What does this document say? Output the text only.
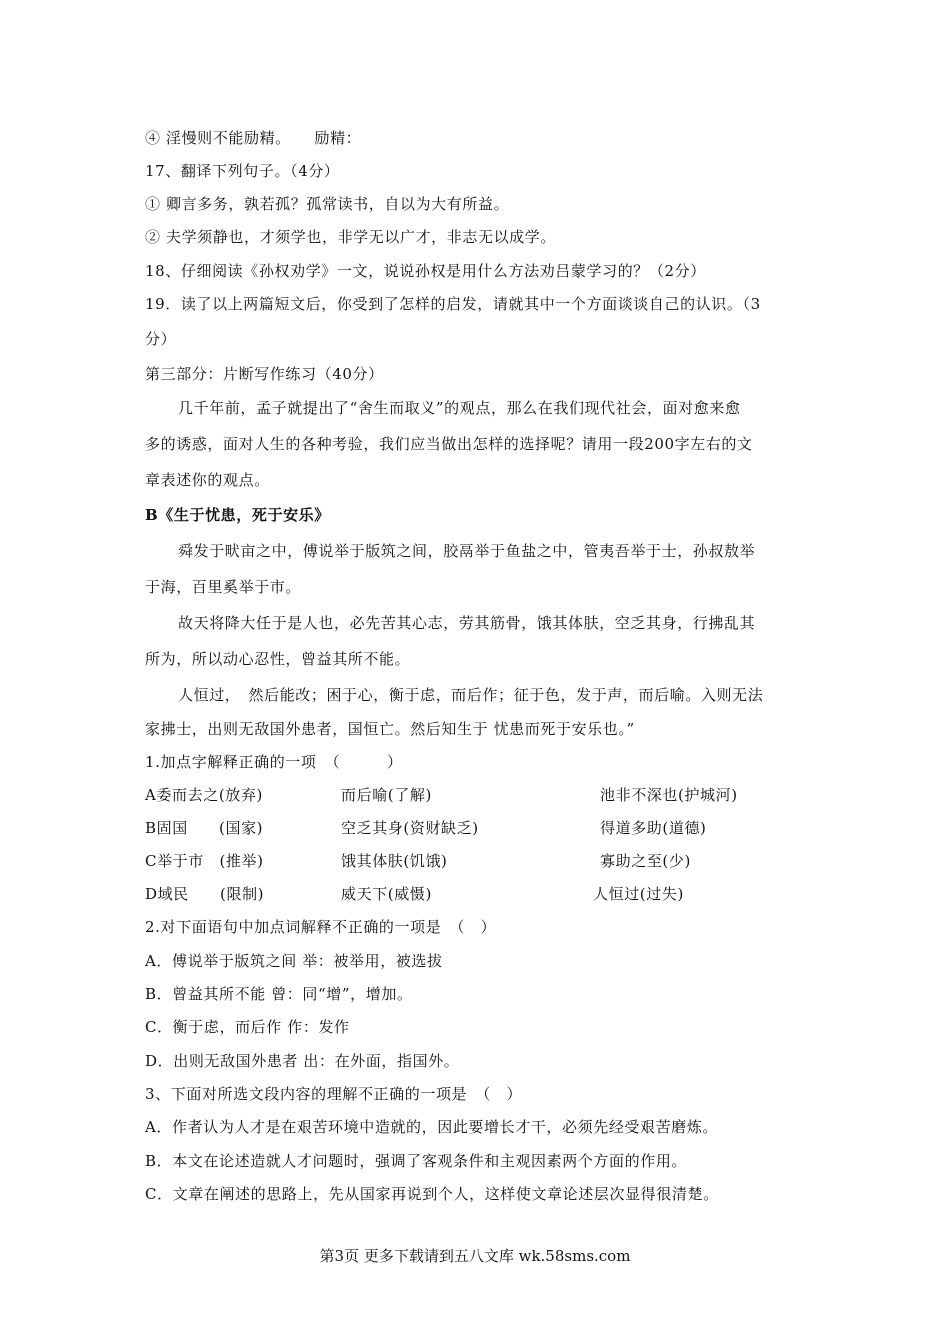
④ 淫慢则不能励精。　　励精：
17、翻译下列句子。（4分）
① 卿言多务，孰若孤？孤常读书，自以为大有所益。
② 夫学须静也，才须学也，非学无以广才，非志无以成学。
18、仔细阅读《孙权劝学》一文，说说孙权是用什么方法劝吕蒙学习的？（2分）
19．读了以上两篇短文后，你受到了怎样的启发，请就其中一个方面谈谈自己的认识。（3
分）
第三部分：片断写作练习（40分）
几千年前，孟子就提出了“舍生而取义”的观点，那么在我们现代社会，面对愈来愈
多的诱惑，面对人生的各种考验，我们应当做出怎样的选择呢？请用一段200字左右的文
章表述你的观点。
B《生于忧患，死于安乐》
舜发于畎亩之中，傅说举于版筑之间，胶鬲举于鱼盐之中，管夷吾举于士，孙叔敖举
于海，百里奚举于市。
故天将降大任于是人也，必先苦其心志，劳其筋骨，饿其体肤，空乏其身，行拂乱其
所为，所以动心忍性，曾益其所不能。
人恒过，　然后能改；困于心，衡于虑，而后作；征于色，发于声，而后喻。入则无法
家拂士，出则无敌国外患者，国恒亡。然后知生于 忧患而死于安乐也。”
1.加点字解释正确的一项　（　　　）
A委而去之(放弃)	而后喻(了解)	池非不深也(护城河)
B固国　　(国家)	空乏其身(资财缺乏)	得道多助(道德)
C举于市　(推举)	饿其体肤(饥饿)	寡助之至(少)
D域民　　(限制)	威天下(威慑)	人恒过(过失)
2.对下面语句中加点词解释不正确的一项是　（　）
A．傅说举于版筑之间 举：被举用，被选拔
B．曾益其所不能 曾：同“增”，增加。
C．衡于虑，而后作 作：发作
D．出则无敌国外患者 出：在外面，指国外。
3、下面对所选文段内容的理解不正确的一项是　（　）
A．作者认为人才是在艰苦环境中造就的，因此要增长才干，必须先经受艰苦磨炼。
B．本文在论述造就人才问题时，强调了客观条件和主观因素两个方面的作用。
C．文章在阐述的思路上，先从国家再说到个人，这样使文章论述层次显得很清楚。
第3页 更多下载请到五八文库 wk.58sms.com
